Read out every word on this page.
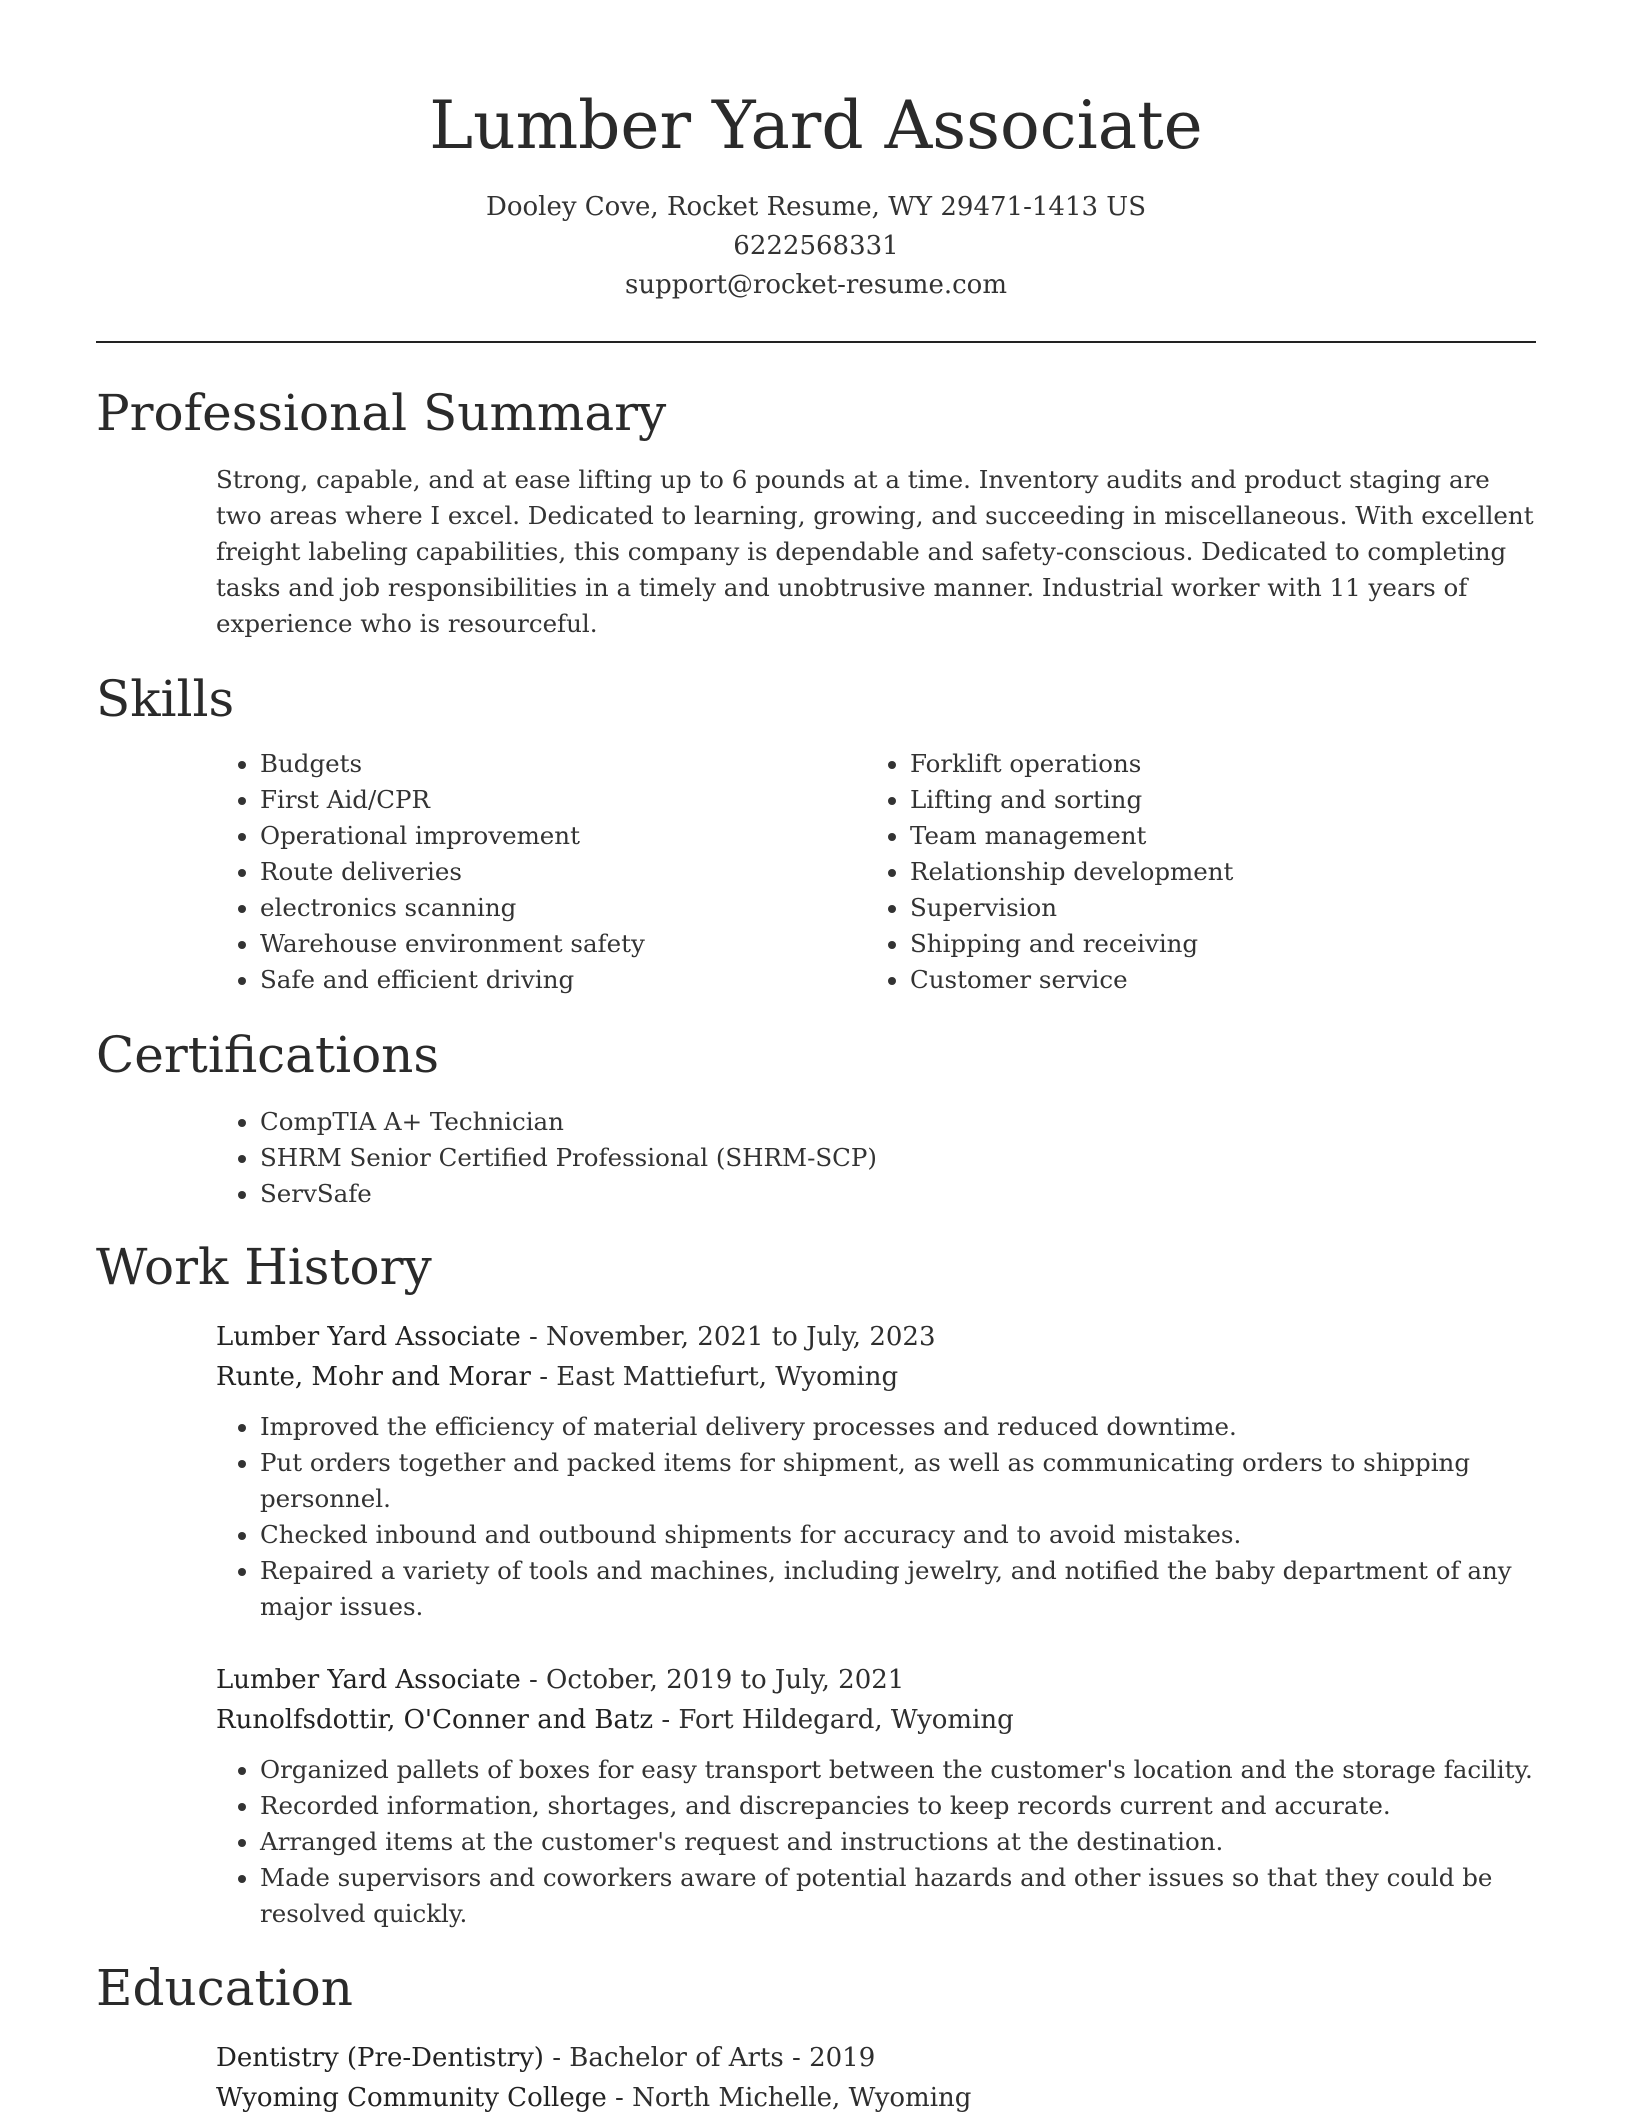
Lumber Yard Associate
Dooley Cove, Rocket Resume, WY 29471-1413 US
6222568331
support@rocket-resume.com
Professional Summary

Strong, capable, and at ease lifting up to 6 pounds at a time. Inventory audits and product staging are two areas where I excel. Dedicated to learning, growing, and succeeding in miscellaneous. With excellent freight labeling capabilities, this company is dependable and safety-conscious. Dedicated to completing tasks and job responsibilities in a timely and unobtrusive manner. Industrial worker with 11 years of experience who is resourceful.

Skills
• Budgets
• First Aid/CPR
• Operational improvement
• Route deliveries
• electronics scanning
• Warehouse environment safety
• Safe and efficient driving
• Forklift operations
• Lifting and sorting
• Team management
• Relationship development
• Supervision
• Shipping and receiving
• Customer service
Certifications
• CompTIA A+ Technician
• SHRM Senior Certified Professional (SHRM-SCP)
• ServSafe
Work History
Lumber Yard Associate - November, 2021 to July, 2023
Runte, Mohr and Morar - East Mattiefurt, Wyoming
• Improved the efficiency of material delivery processes and reduced downtime.
• Put orders together and packed items for shipment, as well as communicating orders to shipping personnel.
• Checked inbound and outbound shipments for accuracy and to avoid mistakes.
• Repaired a variety of tools and machines, including jewelry, and notified the baby department of any major issues.
Lumber Yard Associate - October, 2019 to July, 2021
Runolfsdottir, O'Conner and Batz - Fort Hildegard, Wyoming
• Organized pallets of boxes for easy transport between the customer's location and the storage facility.
• Recorded information, shortages, and discrepancies to keep records current and accurate.
• Arranged items at the customer's request and instructions at the destination.
• Made supervisors and coworkers aware of potential hazards and other issues so that they could be resolved quickly.
Education
Dentistry (Pre-Dentistry) - Bachelor of Arts - 2019
Wyoming Community College - North Michelle, Wyoming
